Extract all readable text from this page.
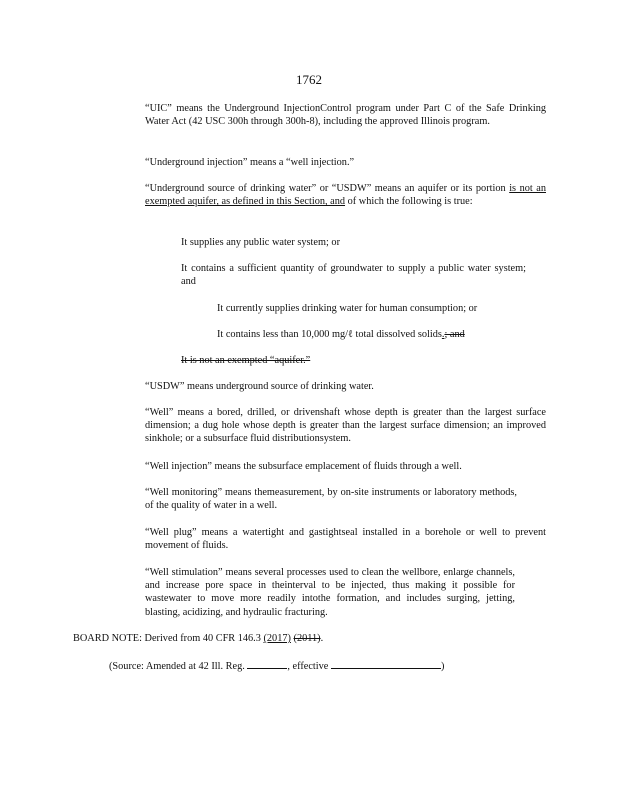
1762

“UIC” means the Underground InjectionControl program under Part C of the Safe Drinking Water Act (42 USC 300h through 300h-8), including the approved Illinois program.

“Underground injection” means a “well injection.”

“Underground source of drinking water” or “USDW” means an aquifer or its portion is not an exempted aquifer, as defined in this Section, and of which the following is true:

It supplies any public water system; or

It contains a sufficient quantity of groundwater to supply a public water system; and

It currently supplies drinking water for human consumption; or

It contains less than 10,000 mg/ℓ total dissolved solids.; and

It is not an exempted “aquifer.”

“USDW” means underground source of drinking water.

“Well” means a bored, drilled, or drivenshaft whose depth is greater than the largest surface dimension; a dug hole whose depth is greater than the largest surface dimension; an improved sinkhole; or a subsurface fluid distributionsystem.

“Well injection” means the subsurface emplacement of fluids through a well.

“Well monitoring” means themeasurement, by on-site instruments or laboratory methods, of the quality of water in a well.

“Well plug” means a watertight and gastightseal installed in a borehole or well to prevent movement of fluids.

“Well stimulation” means several processes used to clean the wellbore, enlarge channels, and increase pore space in theinterval to be injected, thus making it possible for wastewater to move more readily intothe formation, and includes surging, jetting, blasting, acidizing, and hydraulic fracturing.

BOARD NOTE: Derived from 40 CFR 146.3 (2017) (2011).

(Source: Amended at 42 Ill. Reg.	, effective	)
